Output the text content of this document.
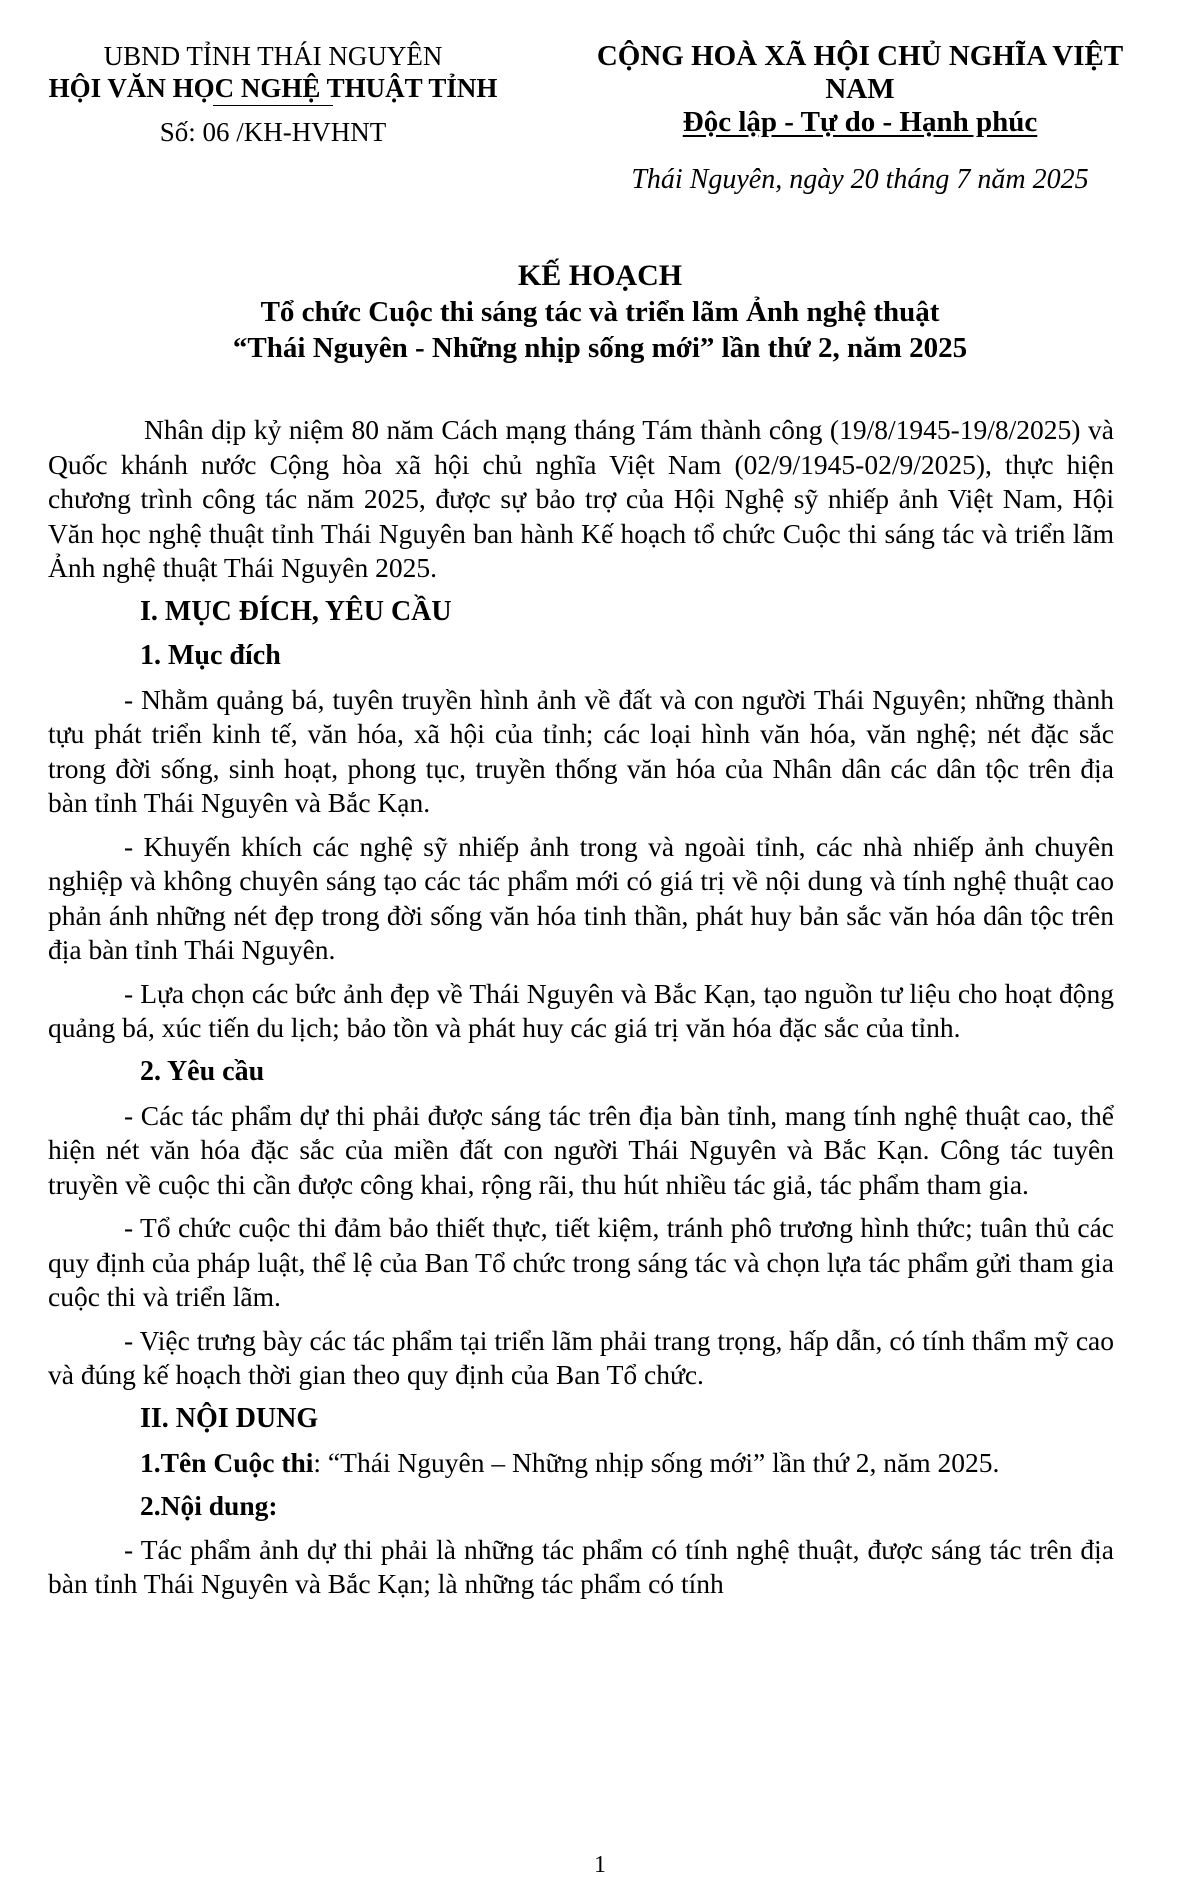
UBND TỈNH THÁI NGUYÊN
HỘI VĂN HỌC NGHỆ THUẬT TỈNH
Số: 06 /KH-HVHNT
CỘNG HOÀ XÃ HỘI CHỦ NGHĨA VIỆT NAM
Độc lập - Tự do - Hạnh phúc
Thái Nguyên, ngày 20 tháng 7 năm 2025
KẾ HOẠCH
Tổ chức Cuộc thi sáng tác và triển lãm Ảnh nghệ thuật
“Thái Nguyên - Những nhịp sống mới” lần thứ 2, năm 2025

Nhân dịp kỷ niệm 80 năm Cách mạng tháng Tám thành công (19/8/1945-19/8/2025) và Quốc khánh nước Cộng hòa xã hội chủ nghĩa Việt Nam (02/9/1945-02/9/2025), thực hiện chương trình công tác năm 2025, được sự bảo trợ của Hội Nghệ sỹ nhiếp ảnh Việt Nam, Hội Văn học nghệ thuật tỉnh Thái Nguyên ban hành Kế hoạch tổ chức Cuộc thi sáng tác và triển lãm Ảnh nghệ thuật Thái Nguyên 2025.

I. MỤC ĐÍCH, YÊU CẦU
1. Mục đích

- Nhằm quảng bá, tuyên truyền hình ảnh về đất và con người Thái Nguyên; những thành tựu phát triển kinh tế, văn hóa, xã hội của tỉnh; các loại hình văn hóa, văn nghệ; nét đặc sắc trong đời sống, sinh hoạt, phong tục, truyền thống văn hóa của Nhân dân các dân tộc trên địa bàn tỉnh Thái Nguyên và Bắc Kạn.

- Khuyến khích các nghệ sỹ nhiếp ảnh trong và ngoài tỉnh, các nhà nhiếp ảnh chuyên nghiệp và không chuyên sáng tạo các tác phẩm mới có giá trị về nội dung và tính nghệ thuật cao phản ánh những nét đẹp trong đời sống văn hóa tinh thần, phát huy bản sắc văn hóa dân tộc trên địa bàn tỉnh Thái Nguyên.

- Lựa chọn các bức ảnh đẹp về Thái Nguyên và Bắc Kạn, tạo nguồn tư liệu cho hoạt động quảng bá, xúc tiến du lịch; bảo tồn và phát huy các giá trị văn hóa đặc sắc của tỉnh.

2. Yêu cầu

- Các tác phẩm dự thi phải được sáng tác trên địa bàn tỉnh, mang tính nghệ thuật cao, thể hiện nét văn hóa đặc sắc của miền đất con người Thái Nguyên và Bắc Kạn. Công tác tuyên truyền về cuộc thi cần được công khai, rộng rãi, thu hút nhiều tác giả, tác phẩm tham gia.

- Tổ chức cuộc thi đảm bảo thiết thực, tiết kiệm, tránh phô trương hình thức; tuân thủ các quy định của pháp luật, thể lệ của Ban Tổ chức trong sáng tác và chọn lựa tác phẩm gửi tham gia cuộc thi và triển lãm.

- Việc trưng bày các tác phẩm tại triển lãm phải trang trọng, hấp dẫn, có tính thẩm mỹ cao và đúng kế hoạch thời gian theo quy định của Ban Tổ chức.

II. NỘI DUNG

1.Tên Cuộc thi: “Thái Nguyên – Những nhịp sống mới” lần thứ 2, năm 2025.

2.Nội dung:

- Tác phẩm ảnh dự thi phải là những tác phẩm có tính nghệ thuật, được sáng tác trên địa bàn tỉnh Thái Nguyên và Bắc Kạn; là những tác phẩm có tính

1
